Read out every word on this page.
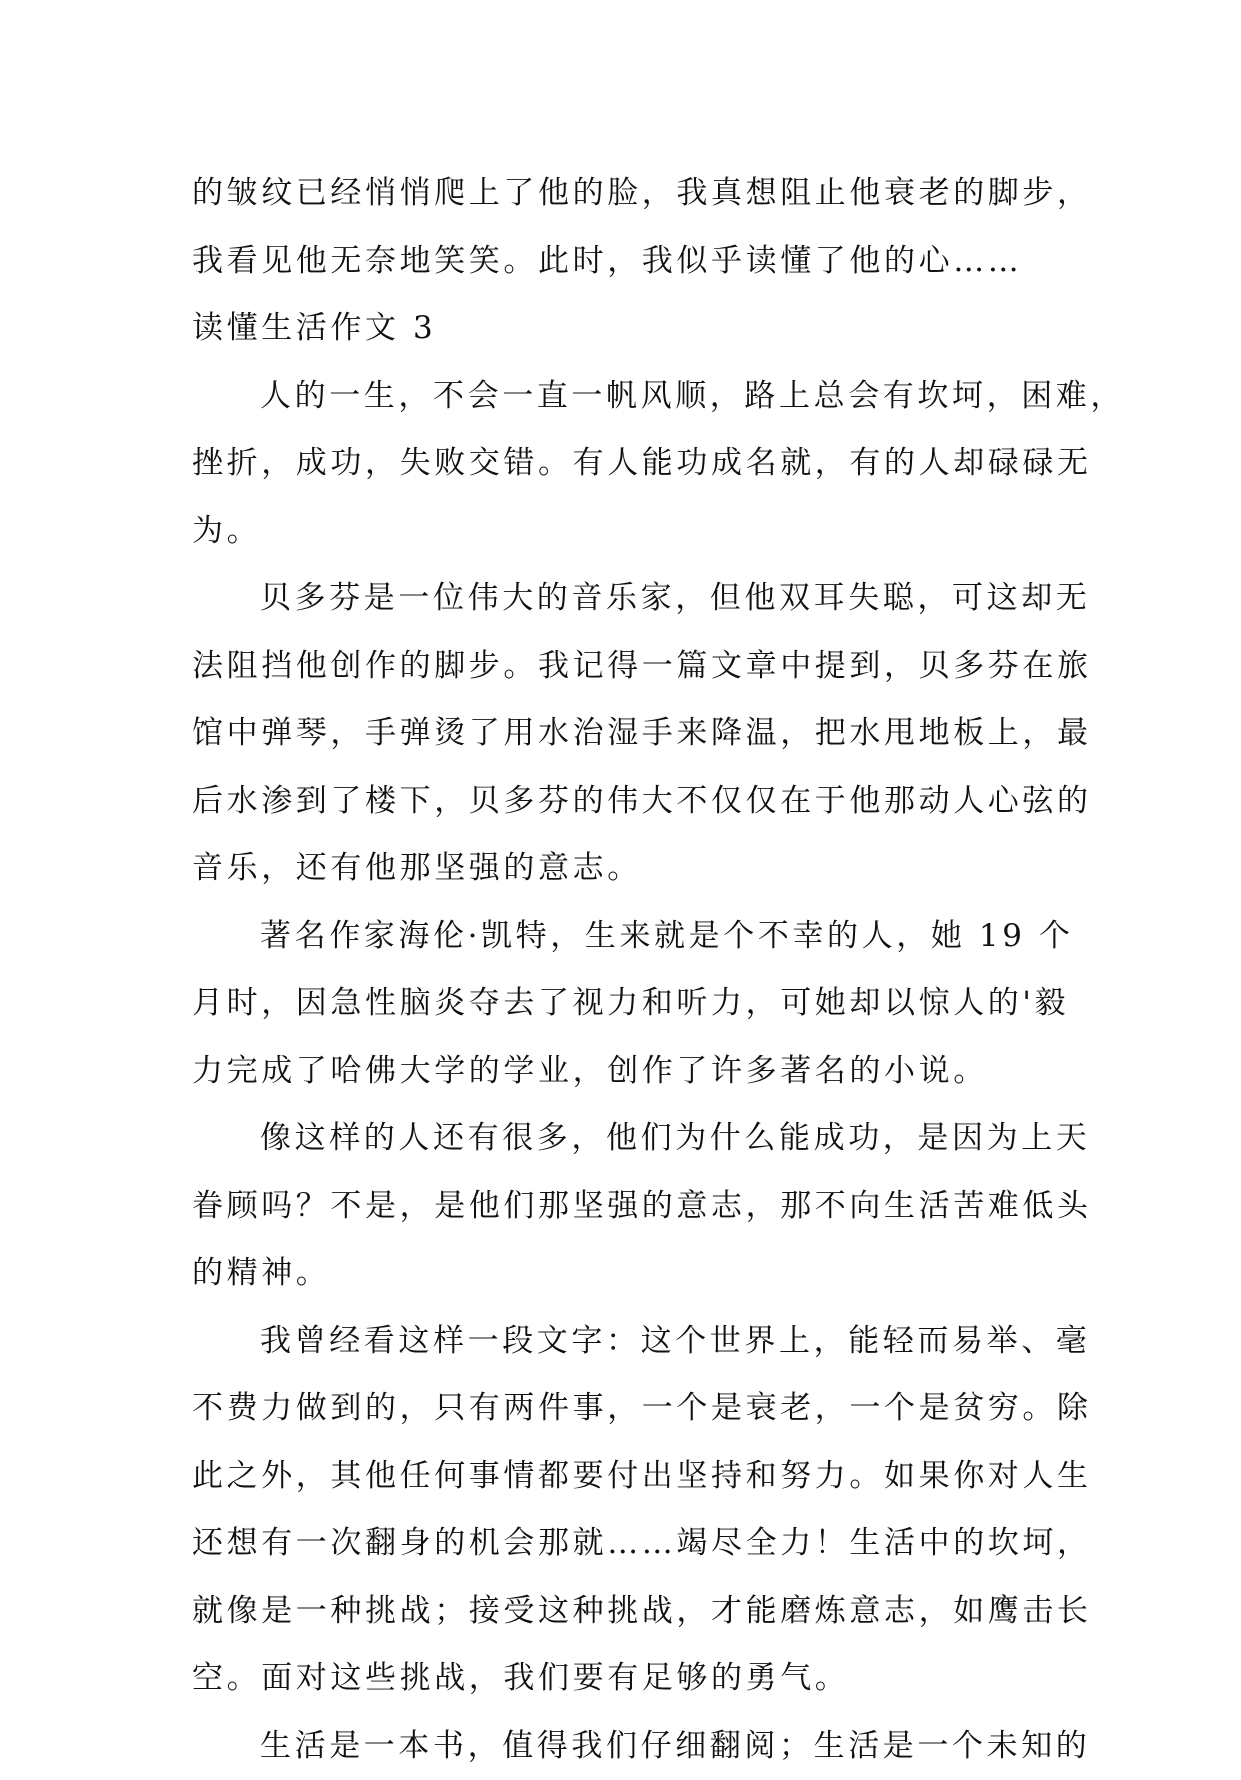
的皱纹已经悄悄爬上了他的脸，我真想阻止他衰老的脚步，
我看见他无奈地笑笑。此时，我似乎读懂了他的心……
读懂生活作文 3
人的一生，不会一直一帆风顺，路上总会有坎坷，困难，
挫折，成功，失败交错。有人能功成名就，有的人却碌碌无
为。
贝多芬是一位伟大的音乐家，但他双耳失聪，可这却无
法阻挡他创作的脚步。我记得一篇文章中提到，贝多芬在旅
馆中弹琴，手弹烫了用水治湿手来降温，把水甩地板上，最
后水渗到了楼下，贝多芬的伟大不仅仅在于他那动人心弦的
音乐，还有他那坚强的意志。
著名作家海伦·凯特，生来就是个不幸的人，她 19 个
月时，因急性脑炎夺去了视力和听力，可她却以惊人的'毅
力完成了哈佛大学的学业，创作了许多著名的小说。
像这样的人还有很多，他们为什么能成功，是因为上天
眷顾吗？不是，是他们那坚强的意志，那不向生活苦难低头
的精神。
我曾经看这样一段文字：这个世界上，能轻而易举、毫
不费力做到的，只有两件事，一个是衰老，一个是贫穷。除
此之外，其他任何事情都要付出坚持和努力。如果你对人生
还想有一次翻身的机会那就……竭尽全力！生活中的坎坷，
就像是一种挑战；接受这种挑战，才能磨炼意志，如鹰击长
空。面对这些挑战，我们要有足够的勇气。
生活是一本书，值得我们仔细翻阅；生活是一个未知的
